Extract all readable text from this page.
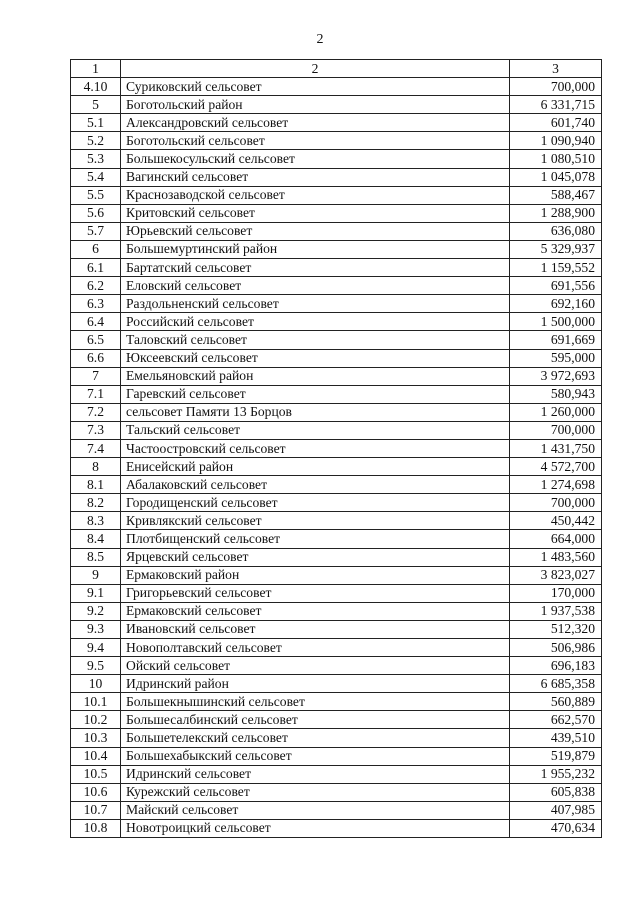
2
1	2	3
4.10	Суриковский сельсовет	700,000
5	Боготольский район	6 331,715
5.1	Александровский сельсовет	601,740
5.2	Боготольский сельсовет	1 090,940
5.3	Большекосульский сельсовет	1 080,510
5.4	Вагинский сельсовет	1 045,078
5.5	Краснозаводской сельсовет	588,467
5.6	Критовский сельсовет	1 288,900
5.7	Юрьевский сельсовет	636,080
6	Большемуртинский район	5 329,937
6.1	Бартатский сельсовет	1 159,552
6.2	Еловский сельсовет	691,556
6.3	Раздольненский сельсовет	692,160
6.4	Российский сельсовет	1 500,000
6.5	Таловский сельсовет	691,669
6.6	Юксеевский сельсовет	595,000
7	Емельяновский район	3 972,693
7.1	Гаревский сельсовет	580,943
7.2	сельсовет Памяти 13 Борцов	1 260,000
7.3	Тальский сельсовет	700,000
7.4	Частоостровский сельсовет	1 431,750
8	Енисейский район	4 572,700
8.1	Абалаковский сельсовет	1 274,698
8.2	Городищенский сельсовет	700,000
8.3	Кривлякский сельсовет	450,442
8.4	Плотбищенский сельсовет	664,000
8.5	Ярцевский сельсовет	1 483,560
9	Ермаковский район	3 823,027
9.1	Григорьевский сельсовет	170,000
9.2	Ермаковский сельсовет	1 937,538
9.3	Ивановский сельсовет	512,320
9.4	Новополтавский сельсовет	506,986
9.5	Ойский сельсовет	696,183
10	Идринский район	6 685,358
10.1	Большекнышинский сельсовет	560,889
10.2	Большесалбинский сельсовет	662,570
10.3	Большетелекский сельсовет	439,510
10.4	Большехабыкский сельсовет	519,879
10.5	Идринский сельсовет	1 955,232
10.6	Курежский сельсовет	605,838
10.7	Майский сельсовет	407,985
10.8	Новотроицкий сельсовет	470,634
